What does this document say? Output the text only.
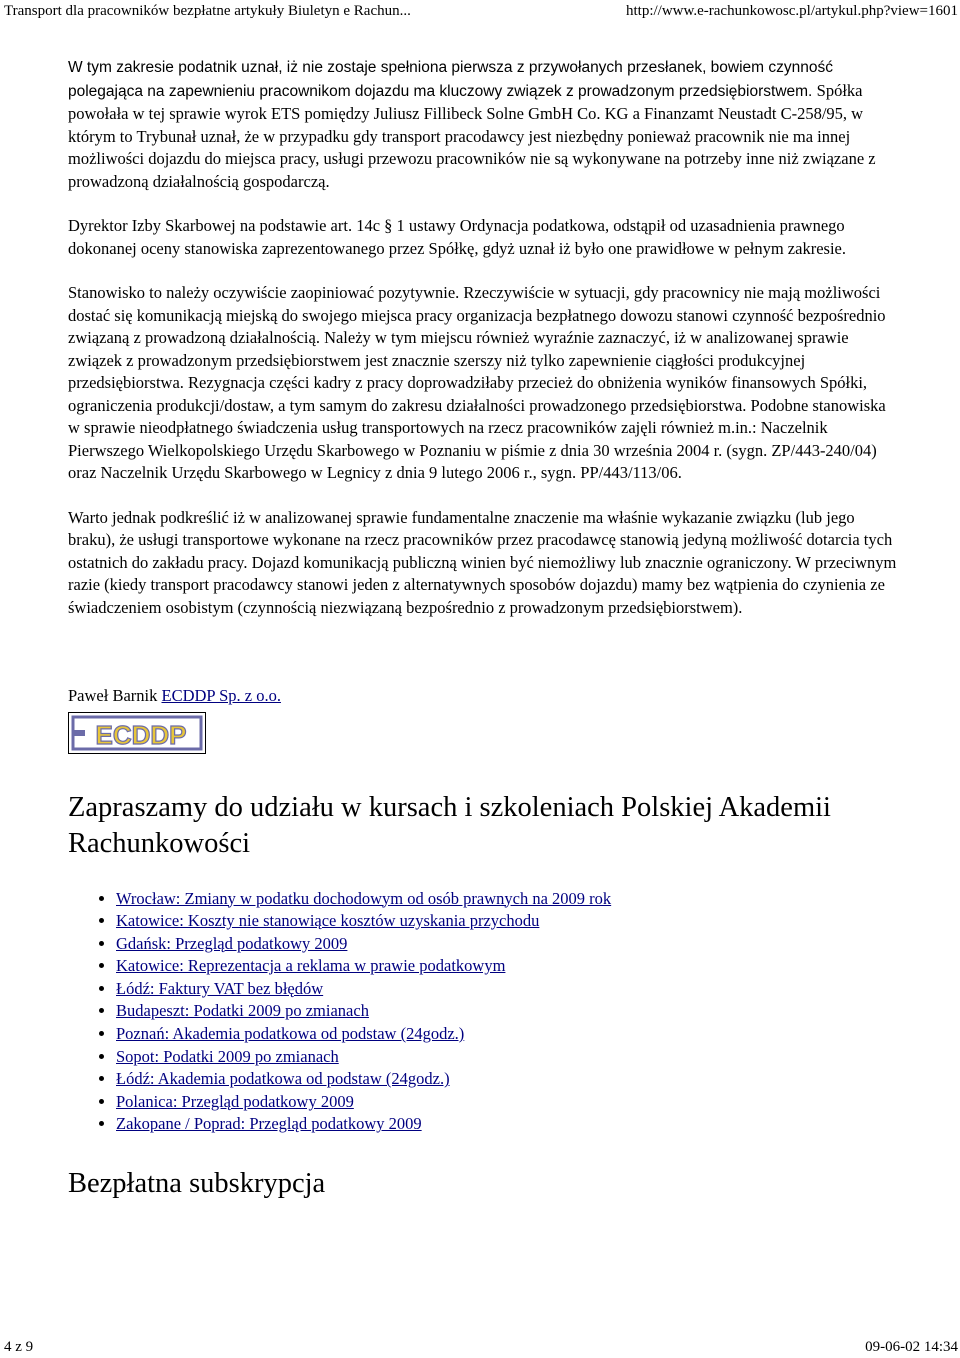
Transport dla pracowników bezpłatne artykuły Biuletyn e Rachun...	http://www.e-rachunkowosc.pl/artykul.php?view=1601

W tym zakresie podatnik uznał, iż nie zostaje spełniona pierwsza z przywołanych przesłanek, bowiem czynność polegająca na zapewnieniu pracownikom dojazdu ma kluczowy związek z prowadzonym przedsiębiorstwem. Spółka powołała w tej sprawie wyrok ETS pomiędzy Juliusz Fillibeck Solne GmbH Co. KG a Finanzamt Neustadt C-258/95, w którym to Trybunał uznał, że w przypadku gdy transport pracodawcy jest niezbędny ponieważ pracownik nie ma innej możliwości dojazdu do miejsca pracy, usługi przewozu pracowników nie są wykonywane na potrzeby inne niż związane z prowadzoną działalnością gospodarczą.

Dyrektor Izby Skarbowej na podstawie art. 14c § 1 ustawy Ordynacja podatkowa, odstąpił od uzasadnienia prawnego dokonanej oceny stanowiska zaprezentowanego przez Spółkę, gdyż uznał iż było one prawidłowe w pełnym zakresie.

Stanowisko to należy oczywiście zaopiniować pozytywnie. Rzeczywiście w sytuacji, gdy pracownicy nie mają możliwości dostać się komunikacją miejską do swojego miejsca pracy organizacja bezpłatnego dowozu stanowi czynność bezpośrednio związaną z prowadzoną działalnością. Należy w tym miejscu również wyraźnie zaznaczyć, iż w analizowanej sprawie związek z prowadzonym przedsiębiorstwem jest znacznie szerszy niż tylko zapewnienie ciągłości produkcyjnej przedsiębiorstwa. Rezygnacja części kadry z pracy doprowadziłaby przecież do obniżenia wyników finansowych Spółki, ograniczenia produkcji/dostaw, a tym samym do zakresu działalności prowadzonego przedsiębiorstwa. Podobne stanowiska w sprawie nieodpłatnego świadczenia usług transportowych na rzecz pracowników zajęli również m.in.: Naczelnik Pierwszego Wielkopolskiego Urzędu Skarbowego w Poznaniu w piśmie z dnia 30 września 2004 r. (sygn. ZP/443-240/04) oraz Naczelnik Urzędu Skarbowego w Legnicy z dnia 9 lutego 2006 r., sygn. PP/443/113/06.

Warto jednak podkreślić iż w analizowanej sprawie fundamentalne znaczenie ma właśnie wykazanie związku (lub jego braku), że usługi transportowe wykonane na rzecz pracowników przez pracodawcę stanowią jedyną możliwość dotarcia tych ostatnich do zakładu pracy. Dojazd komunikacją publiczną winien być niemożliwy lub znacznie ograniczony. W przeciwnym razie (kiedy transport pracodawcy stanowi jeden z alternatywnych sposobów dojazdu) mamy bez wątpienia do czynienia ze świadczeniem osobistym (czynnością niezwiązaną bezpośrednio z prowadzonym przedsiębiorstwem).

Paweł Barnik ECDDP Sp. z o.o.
ECDDP
Zapraszamy do udziału w kursach i szkoleniach Polskiej Akademii Rachunkowości
• Wrocław: Zmiany w podatku dochodowym od osób prawnych na 2009 rok
• Katowice: Koszty nie stanowiące kosztów uzyskania przychodu
• Gdańsk: Przegląd podatkowy 2009
• Katowice: Reprezentacja a reklama w prawie podatkowym
• Łódź: Faktury VAT bez błędów
• Budapeszt: Podatki 2009 po zmianach
• Poznań: Akademia podatkowa od podstaw (24godz.)
• Sopot: Podatki 2009 po zmianach
• Łódź: Akademia podatkowa od podstaw (24godz.)
• Polanica: Przegląd podatkowy 2009
• Zakopane / Poprad: Przegląd podatkowy 2009
Bezpłatna subskrypcja
4 z 9	09-06-02 14:34
